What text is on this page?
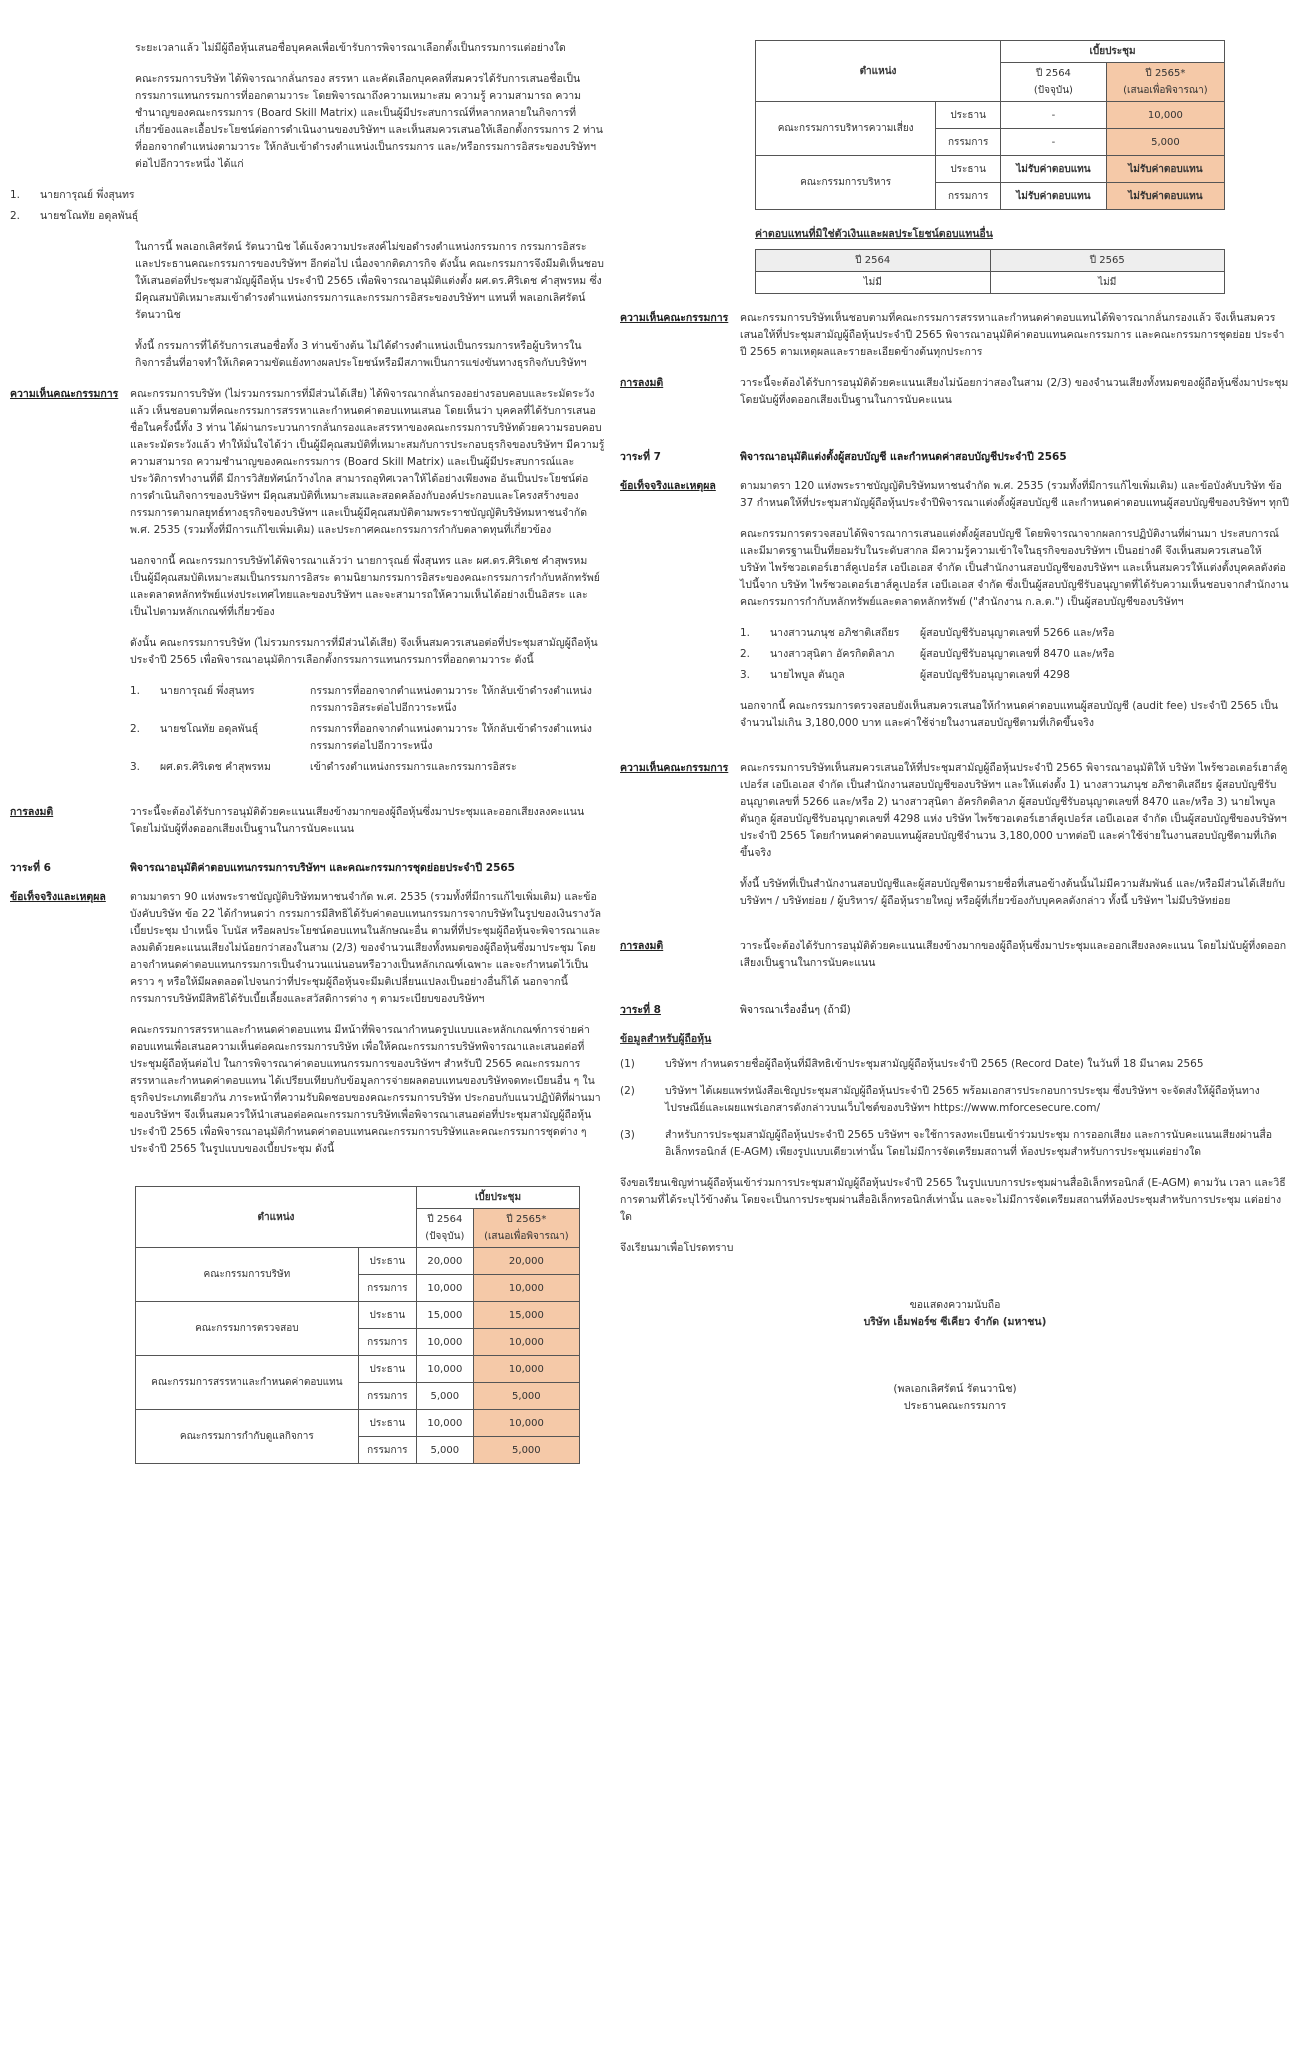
ระยะเวลาแล้ว ไม่มีผู้ถือหุ้นเสนอชื่อบุคคลเพื่อเข้ารับการพิจารณาเลือกตั้งเป็นกรรมการแต่อย่างใด

คณะกรรมการบริษัท ได้พิจารณากลั่นกรอง สรรหา และคัดเลือกบุคคลที่สมควรได้รับการเสนอชื่อเป็นกรรมการแทนกรรมการที่ออกตามวาระ โดยพิจารณาถึงความเหมาะสม ความรู้ ความสามารถ ความชำนาญของคณะกรรมการ (Board Skill Matrix) และเป็นผู้มีประสบการณ์ที่หลากหลายในกิจการที่เกี่ยวข้องและเอื้อประโยชน์ต่อการดำเนินงานของบริษัทฯ และเห็นสมควรเสนอให้เลือกตั้งกรรมการ 2 ท่านที่ออกจากตำแหน่งตามวาระ ให้กลับเข้าดำรงตำแหน่งเป็นกรรมการ และ/หรือกรรมการอิสระของบริษัทฯ ต่อไปอีกวาระหนึ่ง ได้แก่

1.	นายการุณย์ พึ่งสุนทร
2.	นายชโณทัย อดุลพันธุ์

ในการนี้ พลเอกเลิศรัตน์ รัตนวานิช ได้แจ้งความประสงค์ไม่ขอดำรงตำแหน่งกรรมการ กรรมการอิสระ และประธานคณะกรรมการของบริษัทฯ อีกต่อไป เนื่องจากติดภารกิจ ดังนั้น คณะกรรมการจึงมีมติเห็นชอบให้เสนอต่อที่ประชุมสามัญผู้ถือหุ้น ประจำปี 2565 เพื่อพิจารณาอนุมัติแต่งตั้ง ผศ.ดร.ศิริเดช คำสุพรหม ซึ่งมีคุณสมบัติเหมาะสมเข้าดำรงตำแหน่งกรรมการและกรรมการอิสระของบริษัทฯ แทนที่ พลเอกเลิศรัตน์ รัตนวานิช

ทั้งนี้ กรรมการที่ได้รับการเสนอชื่อทั้ง 3 ท่านข้างต้น ไม่ได้ดำรงตำแหน่งเป็นกรรมการหรือผู้บริหารในกิจการอื่นที่อาจทำให้เกิดความขัดแย้งทางผลประโยชน์หรือมีสภาพเป็นการแข่งขันทางธุรกิจกับบริษัทฯ

ความเห็นคณะกรรมการ	คณะกรรมการบริษัท (ไม่รวมกรรมการที่มีส่วนได้เสีย) ได้พิจารณากลั่นกรองอย่างรอบคอบและระมัดระวังแล้ว เห็นชอบตามที่คณะกรรมการสรรหาและกำหนดค่าตอบแทนเสนอ โดยเห็นว่า บุคคลที่ได้รับการเสนอชื่อในครั้งนี้ทั้ง 3 ท่าน ได้ผ่านกระบวนการกลั่นกรองและสรรหาของคณะกรรมการบริษัทด้วยความรอบคอบและระมัดระวังแล้ว ทำให้มั่นใจได้ว่า เป็นผู้มีคุณสมบัติที่เหมาะสมกับการประกอบธุรกิจของบริษัทฯ มีความรู้ ความสามารถ ความชำนาญของคณะกรรมการ (Board Skill Matrix) และเป็นผู้มีประสบการณ์และประวัติการทำงานที่ดี มีการวิสัยทัศน์กว้างไกล สามารถอุทิศเวลาให้ได้อย่างเพียงพอ อันเป็นประโยชน์ต่อการดำเนินกิจการของบริษัทฯ มีคุณสมบัติที่เหมาะสมและสอดคล้องกับองค์ประกอบและโครงสร้างของกรรมการตามกลยุทธ์ทางธุรกิจของบริษัทฯ และเป็นผู้มีคุณสมบัติตามพระราชบัญญัติบริษัทมหาชนจำกัด พ.ศ. 2535 (รวมทั้งที่มีการแก้ไขเพิ่มเติม) และประกาศคณะกรรมการกำกับตลาดทุนที่เกี่ยวข้อง

นอกจากนี้ คณะกรรมการบริษัทได้พิจารณาแล้วว่า นายการุณย์ พึ่งสุนทร และ ผศ.ดร.ศิริเดช คำสุพรหม เป็นผู้มีคุณสมบัติเหมาะสมเป็นกรรมการอิสระ ตามนิยามกรรมการอิสระของคณะกรรมการกำกับหลักทรัพย์และตลาดหลักทรัพย์แห่งประเทศไทยและของบริษัทฯ และจะสามารถให้ความเห็นได้อย่างเป็นอิสระ และเป็นไปตามหลักเกณฑ์ที่เกี่ยวข้อง

ดังนั้น คณะกรรมการบริษัท (ไม่รวมกรรมการที่มีส่วนได้เสีย) จึงเห็นสมควรเสนอต่อที่ประชุมสามัญผู้ถือหุ้นประจำปี 2565 เพื่อพิจารณาอนุมัติการเลือกตั้งกรรมการแทนกรรมการที่ออกตามวาระ ดังนี้

1.	นายการุณย์ พึ่งสุนทร	กรรมการที่ออกจากตำแหน่งตามวาระ ให้กลับเข้าดำรงตำแหน่งกรรมการอิสระต่อไปอีกวาระหนึ่ง
2.	นายชโณทัย อดุลพันธุ์	กรรมการที่ออกจากตำแหน่งตามวาระ ให้กลับเข้าดำรงตำแหน่งกรรมการต่อไปอีกวาระหนึ่ง
3.	ผศ.ดร.ศิริเดช คำสุพรหม	เข้าดำรงตำแหน่งกรรมการและกรรมการอิสระ
การลงมติ	วาระนี้จะต้องได้รับการอนุมัติด้วยคะแนนเสียงข้างมากของผู้ถือหุ้นซึ่งมาประชุมและออกเสียงลงคะแนน โดยไม่นับผู้ที่งดออกเสียงเป็นฐานในการนับคะแนน
วาระที่ 6	พิจารณาอนุมัติค่าตอบแทนกรรมการบริษัทฯ และคณะกรรมการชุดย่อยประจำปี 2565
ข้อเท็จจริงและเหตุผล	ตามมาตรา 90 แห่งพระราชบัญญัติบริษัทมหาชนจำกัด พ.ศ. 2535 (รวมทั้งที่มีการแก้ไขเพิ่มเติม) และข้อบังคับบริษัท ข้อ 22 ได้กำหนดว่า กรรมการมีสิทธิได้รับค่าตอบแทนกรรมการจากบริษัทในรูปของเงินรางวัล เบี้ยประชุม บำเหน็จ โบนัส หรือผลประโยชน์ตอบแทนในลักษณะอื่น ตามที่ที่ประชุมผู้ถือหุ้นจะพิจารณาและลงมติด้วยคะแนนเสียงไม่น้อยกว่าสองในสาม (2/3) ของจำนวนเสียงทั้งหมดของผู้ถือหุ้นซึ่งมาประชุม โดยอาจกำหนดค่าตอบแทนกรรมการเป็นจำนวนแน่นอนหรือวางเป็นหลักเกณฑ์เฉพาะ และจะกำหนดไว้เป็นคราว ๆ หรือให้มีผลตลอดไปจนกว่าที่ประชุมผู้ถือหุ้นจะมีมติเปลี่ยนแปลงเป็นอย่างอื่นก็ได้ นอกจากนี้ กรรมการบริษัทมีสิทธิได้รับเบี้ยเลี้ยงและสวัสดิการต่าง ๆ ตามระเบียบของบริษัทฯ

คณะกรรมการสรรหาและกำหนดค่าตอบแทน มีหน้าที่พิจารณากำหนดรูปแบบและหลักเกณฑ์การจ่ายค่าตอบแทนเพื่อเสนอความเห็นต่อคณะกรรมการบริษัท เพื่อให้คณะกรรมการบริษัทพิจารณาและเสนอต่อที่ประชุมผู้ถือหุ้นต่อไป ในการพิจารณาค่าตอบแทนกรรมการของบริษัทฯ สำหรับปี 2565 คณะกรรมการสรรหาและกำหนดค่าตอบแทน ได้เปรียบเทียบกับข้อมูลการจ่ายผลตอบแทนของบริษัทจดทะเบียนอื่น ๆ ในธุรกิจประเภทเดียวกัน ภาระหน้าที่ความรับผิดชอบของคณะกรรมการบริษัท ประกอบกับแนวปฏิบัติที่ผ่านมาของบริษัทฯ จึงเห็นสมควรให้นำเสนอต่อคณะกรรมการบริษัทเพื่อพิจารณาเสนอต่อที่ประชุมสามัญผู้ถือหุ้นประจำปี 2565 เพื่อพิจารณาอนุมัติกำหนดค่าตอบแทนคณะกรรมการบริษัทและคณะกรรมการชุดต่าง ๆ ประจำปี 2565 ในรูปแบบของเบี้ยประชุม ดังนี้

ตำแหน่ง		เบี้ยประชุม	
		ปี 2564
(ปัจจุบัน)	ปี 2565*
(เสนอเพื่อพิจารณา)
คณะกรรมการบริษัท	ประธาน	20,000	20,000
	กรรมการ	10,000	10,000
คณะกรรมการตรวจสอบ	ประธาน	15,000	15,000
	กรรมการ	10,000	10,000
คณะกรรมการสรรหาและกำหนดค่าตอบแทน	ประธาน	10,000	10,000
	กรรมการ	5,000	5,000
คณะกรรมการกำกับดูแลกิจการ	ประธาน	10,000	10,000
	กรรมการ	5,000	5,000
ตำแหน่ง		เบี้ยประชุม	
		ปี 2564
(ปัจจุบัน)	ปี 2565*
(เสนอเพื่อพิจารณา)
คณะกรรมการบริหารความเสี่ยง	ประธาน	-	10,000
	กรรมการ	-	5,000
คณะกรรมการบริหาร	ประธาน	ไม่รับค่าตอบแทน	ไม่รับค่าตอบแทน
	กรรมการ	ไม่รับค่าตอบแทน	ไม่รับค่าตอบแทน

ค่าตอบแทนที่มิใช่ตัวเงินและผลประโยชน์ตอบแทนอื่น

ปี 2564	ปี 2565
ไม่มี	ไม่มี
ความเห็นคณะกรรมการ	คณะกรรมการบริษัทเห็นชอบตามที่คณะกรรมการสรรหาและกำหนดค่าตอบแทนได้พิจารณากลั่นกรองแล้ว จึงเห็นสมควรเสนอให้ที่ประชุมสามัญผู้ถือหุ้นประจำปี 2565 พิจารณาอนุมัติค่าตอบแทนคณะกรรมการ และคณะกรรมการชุดย่อย ประจำปี 2565 ตามเหตุผลและรายละเอียดข้างต้นทุกประการ
การลงมติ	วาระนี้จะต้องได้รับการอนุมัติด้วยคะแนนเสียงไม่น้อยกว่าสองในสาม (2/3) ของจำนวนเสียงทั้งหมดของผู้ถือหุ้นซึ่งมาประชุม โดยนับผู้ที่งดออกเสียงเป็นฐานในการนับคะแนน
วาระที่ 7	พิจารณาอนุมัติแต่งตั้งผู้สอบบัญชี และกำหนดค่าสอบบัญชีประจำปี 2565
ข้อเท็จจริงและเหตุผล	ตามมาตรา 120 แห่งพระราชบัญญัติบริษัทมหาชนจำกัด พ.ศ. 2535 (รวมทั้งที่มีการแก้ไขเพิ่มเติม) และข้อบังคับบริษัท ข้อ 37 กำหนดให้ที่ประชุมสามัญผู้ถือหุ้นประจำปีพิจารณาแต่งตั้งผู้สอบบัญชี และกำหนดค่าตอบแทนผู้สอบบัญชีของบริษัทฯ ทุกปี

คณะกรรมการตรวจสอบได้พิจารณาการเสนอแต่งตั้งผู้สอบบัญชี โดยพิจารณาจากผลการปฏิบัติงานที่ผ่านมา ประสบการณ์ และมีมาตรฐานเป็นที่ยอมรับในระดับสากล มีความรู้ความเข้าใจในธุรกิจของบริษัทฯ เป็นอย่างดี จึงเห็นสมควรเสนอให้ บริษัท ไพร้ซวอเตอร์เฮาส์คูเปอร์ส เอบีเอเอส จำกัด เป็นสำนักงานสอบบัญชีของบริษัทฯ และเห็นสมควรให้แต่งตั้งบุคคลดังต่อไปนี้จาก บริษัท ไพร้ซวอเตอร์เฮาส์คูเปอร์ส เอบีเอเอส จำกัด ซึ่งเป็นผู้สอบบัญชีรับอนุญาตที่ได้รับความเห็นชอบจากสำนักงานคณะกรรมการกำกับหลักทรัพย์และตลาดหลักทรัพย์ ("สำนักงาน ก.ล.ต.") เป็นผู้สอบบัญชีของบริษัทฯ

1.	นางสาวนภนุช อภิชาติเสถียร	ผู้สอบบัญชีรับอนุญาตเลขที่ 5266 และ/หรือ
2.	นางสาวสุนิตา อัครกิตติลาภ	ผู้สอบบัญชีรับอนุญาตเลขที่ 8470 และ/หรือ
3.	นายไพบูล ตันกูล	ผู้สอบบัญชีรับอนุญาตเลขที่ 4298

นอกจากนี้ คณะกรรมการตรวจสอบยังเห็นสมควรเสนอให้กำหนดค่าตอบแทนผู้สอบบัญชี (audit fee) ประจำปี 2565 เป็นจำนวนไม่เกิน 3,180,000 บาท และค่าใช้จ่ายในงานสอบบัญชีตามที่เกิดขึ้นจริง

ความเห็นคณะกรรมการ	คณะกรรมการบริษัทเห็นสมควรเสนอให้ที่ประชุมสามัญผู้ถือหุ้นประจำปี 2565 พิจารณาอนุมัติให้ บริษัท ไพร้ซวอเตอร์เฮาส์คูเปอร์ส เอบีเอเอส จำกัด เป็นสำนักงานสอบบัญชีของบริษัทฯ และให้แต่งตั้ง 1) นางสาวนภนุช อภิชาติเสถียร ผู้สอบบัญชีรับอนุญาตเลขที่ 5266 และ/หรือ 2) นางสาวสุนิตา อัครกิตติลาภ ผู้สอบบัญชีรับอนุญาตเลขที่ 8470 และ/หรือ 3) นายไพบูล ตันกูล ผู้สอบบัญชีรับอนุญาตเลขที่ 4298 แห่ง บริษัท ไพร้ซวอเตอร์เฮาส์คูเปอร์ส เอบีเอเอส จำกัด เป็นผู้สอบบัญชีของบริษัทฯ ประจำปี 2565 โดยกำหนดค่าตอบแทนผู้สอบบัญชีจำนวน 3,180,000 บาทต่อปี และค่าใช้จ่ายในงานสอบบัญชีตามที่เกิดขึ้นจริง

ทั้งนี้ บริษัทที่เป็นสำนักงานสอบบัญชีและผู้สอบบัญชีตามรายชื่อที่เสนอข้างต้นนั้นไม่มีความสัมพันธ์ และ/หรือมีส่วนได้เสียกับบริษัทฯ / บริษัทย่อย / ผู้บริหาร/ ผู้ถือหุ้นรายใหญ่ หรือผู้ที่เกี่ยวข้องกับบุคคลดังกล่าว ทั้งนี้ บริษัทฯ ไม่มีบริษัทย่อย

การลงมติ	วาระนี้จะต้องได้รับการอนุมัติด้วยคะแนนเสียงข้างมากของผู้ถือหุ้นซึ่งมาประชุมและออกเสียงลงคะแนน โดยไม่นับผู้ที่งดออกเสียงเป็นฐานในการนับคะแนน
วาระที่ 8	พิจารณาเรื่องอื่นๆ (ถ้ามี)

ข้อมูลสำหรับผู้ถือหุ้น

(1)	บริษัทฯ กำหนดรายชื่อผู้ถือหุ้นที่มีสิทธิเข้าประชุมสามัญผู้ถือหุ้นประจำปี 2565 (Record Date) ในวันที่ 18 มีนาคม 2565
(2)	บริษัทฯ ได้เผยแพร่หนังสือเชิญประชุมสามัญผู้ถือหุ้นประจำปี 2565 พร้อมเอกสารประกอบการประชุม ซึ่งบริษัทฯ จะจัดส่งให้ผู้ถือหุ้นทางไปรษณีย์และเผยแพร่เอกสารดังกล่าวบนเว็บไซต์ของบริษัทฯ https://www.mforcesecure.com/
(3)	สำหรับการประชุมสามัญผู้ถือหุ้นประจำปี 2565 บริษัทฯ จะใช้การลงทะเบียนเข้าร่วมประชุม การออกเสียง และการนับคะแนนเสียงผ่านสื่ออิเล็กทรอนิกส์ (E-AGM) เพียงรูปแบบเดียวเท่านั้น โดยไม่มีการจัดเตรียมสถานที่ ห้องประชุมสำหรับการประชุมแต่อย่างใด

จึงขอเรียนเชิญท่านผู้ถือหุ้นเข้าร่วมการประชุมสามัญผู้ถือหุ้นประจำปี 2565 ในรูปแบบการประชุมผ่านสื่ออิเล็กทรอนิกส์ (E-AGM) ตามวัน เวลา และวิธีการตามที่ได้ระบุไว้ข้างต้น โดยจะเป็นการประชุมผ่านสื่ออิเล็กทรอนิกส์เท่านั้น และจะไม่มีการจัดเตรียมสถานที่ห้องประชุมสำหรับการประชุม แต่อย่างใด

จึงเรียนมาเพื่อโปรดทราบ

ขอแสดงความนับถือ
บริษัท เอ็มฟอร์ซ ซีเคียว จำกัด (มหาชน)
(พลเอกเลิศรัตน์ รัตนวานิช)
ประธานคณะกรรมการ
